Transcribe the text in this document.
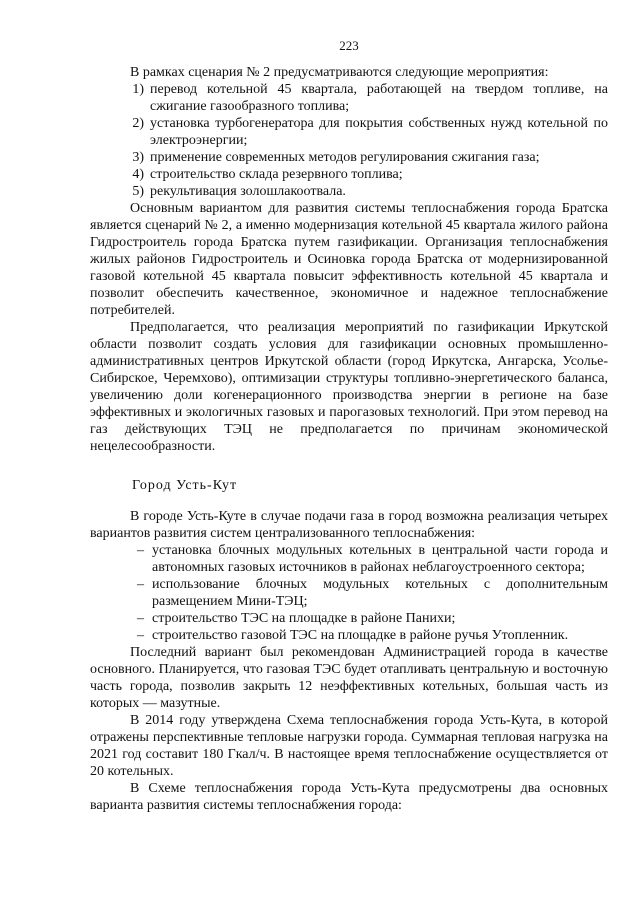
223

В рамках сценария № 2 предусматриваются следующие мероприятия:

1) перевод котельной 45 квартала, работающей на твердом топливе, на сжигание газообразного топлива;
2) установка турбогенератора для покрытия собственных нужд котельной по электроэнергии;
3) применение современных методов регулирования сжигания газа;
4) строительство склада резервного топлива;
5) рекультивация золошлакоотвала.

Основным вариантом для развития системы теплоснабжения города Братска является сценарий № 2, а именно модернизация котельной 45 квартала жилого района Гидростроитель города Братска путем газификации. Организация теплоснабжения жилых районов Гидростроитель и Осиновка города Братска от модернизированной газовой котельной 45 квартала повысит эффективность котельной 45 квартала и позволит обеспечить качественное, экономичное и надежное теплоснабжение потребителей.

Предполагается, что реализация мероприятий по газификации Иркутской области позволит создать условия для газификации основных промышленно-административных центров Иркутской области (город Иркутска, Ангарска, Усолье-Сибирское, Черемхово), оптимизации структуры топливно-энергетического баланса, увеличению доли когенерационного производства энергии в регионе на базе эффективных и экологичных газовых и парогазовых технологий. При этом перевод на газ действующих ТЭЦ не предполагается по причинам экономической нецелесообразности.

Город Усть-Кут

В городе Усть-Куте в случае подачи газа в город возможна реализация четырех вариантов развития систем централизованного теплоснабжения:

– установка блочных модульных котельных в центральной части города и автономных газовых источников в районах неблагоустроенного сектора;
– использование блочных модульных котельных с дополнительным размещением Мини-ТЭЦ;
– строительство ТЭС на площадке в районе Панихи;
– строительство газовой ТЭС на площадке в районе ручья Утопленник.

Последний вариант был рекомендован Администрацией города в качестве основного. Планируется, что газовая ТЭС будет отапливать центральную и восточную часть города, позволив закрыть 12 неэффективных котельных, большая часть из которых — мазутные.

В 2014 году утверждена Схема теплоснабжения города Усть-Кута, в которой отражены перспективные тепловые нагрузки города. Суммарная тепловая нагрузка на 2021 год составит 180 Гкал/ч. В настоящее время теплоснабжение осуществляется от 20 котельных.

В Схеме теплоснабжения города Усть-Кута предусмотрены два основных варианта развития системы теплоснабжения города:
